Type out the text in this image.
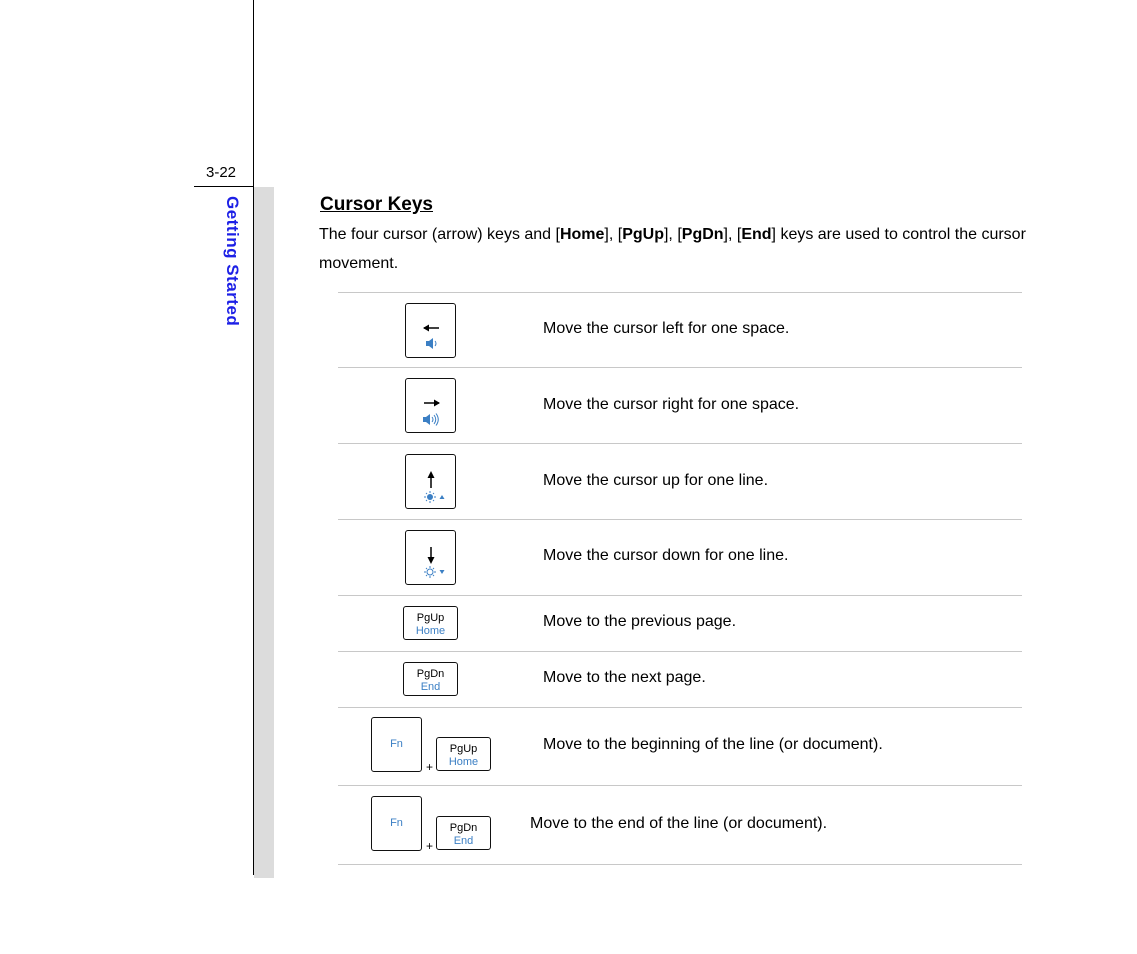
3-22
Getting Started	Cursor Keys
The four cursor (arrow) keys and [Home], [PgUp], [PgDn], [End] keys are used to control the cursor movement.
Move the cursor left for one space.
Move the cursor right for one space.
Move the cursor up for one line.
Move the cursor down for one line.
PgUp
Home
Move to the previous page.
PgDn
End
Move to the next page.
Fn
+
PgUp
Home
Move to the beginning of the line (or document).
Fn
+
PgDn
End
Move to the end of the line (or document).
